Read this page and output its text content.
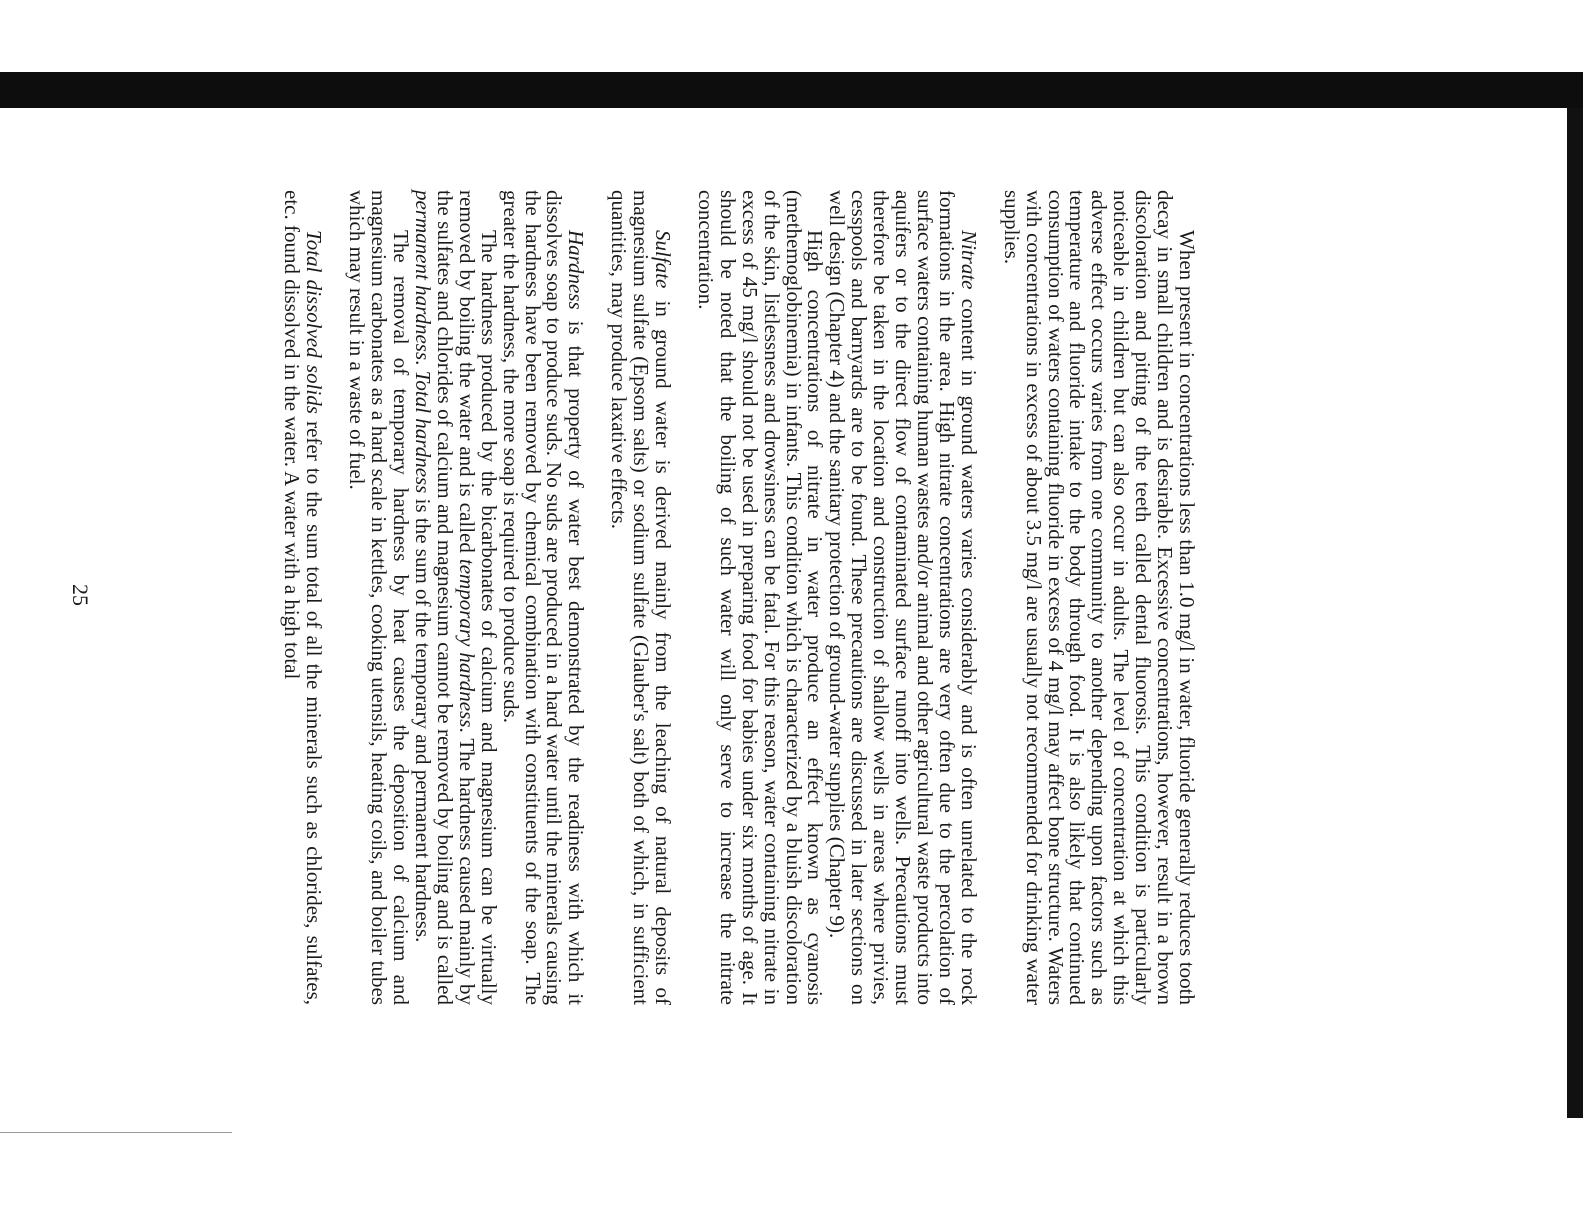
When present in concentrations less than 1.0 mg/l in water, fluoride generally reduces tooth decay in small children and is desirable. Excessive concentrations, however, result in a brown discoloration and pitting of the teeth called dental fluorosis. This condition is particularly noticeable in children but can also occur in adults. The level of concentration at which this adverse effect occurs varies from one community to another depending upon factors such as temperature and fluoride intake to the body through food. It is also likely that continued consumption of waters containing fluoride in excess of 4 mg/l may affect bone structure. Waters with concentrations in excess of about 3.5 mg/l are usually not recommended for drinking water supplies.

Nitrate content in ground waters varies considerably and is often unrelated to the rock formations in the area. High nitrate concentrations are very often due to the percolation of surface waters containing human wastes and/or animal and other agricultural waste products into aquifers or to the direct flow of contaminated surface runoff into wells. Precautions must therefore be taken in the location and construction of shallow wells in areas where privies, cesspools and barnyards are to be found. These precautions are discussed in later sections on well design (Chapter 4) and the sanitary protection of ground-water supplies (Chapter 9).

High concentrations of nitrate in water produce an effect known as cyanosis (methemoglobinemia) in infants. This condition which is characterized by a bluish discoloration of the skin, listlessness and drowsiness can be fatal. For this reason, water containing nitrate in excess of 45 mg/l should not be used in preparing food for babies under six months of age. It should be noted that the boiling of such water will only serve to increase the nitrate concentration.

Sulfate in ground water is derived mainly from the leaching of natural deposits of magnesium sulfate (Epsom salts) or sodium sulfate (Glauber's salt) both of which, in sufficient quantities, may produce laxative effects.

Hardness is that property of water best demonstrated by the readiness with which it dissolves soap to produce suds. No suds are produced in a hard water until the minerals causing the hardness have been removed by chemical combination with constituents of the soap. The greater the hardness, the more soap is required to produce suds.

The hardness produced by the bicarbonates of calcium and magnesium can be virtually removed by boiling the water and is called temporary hardness. The hardness caused mainly by the sulfates and chlorides of calcium and magnesium cannot be removed by boiling and is called permanent hardness. Total hardness is the sum of the temporary and permanent hardness.

The removal of temporary hardness by heat causes the deposition of calcium and magnesium carbonates as a hard scale in kettles, cooking utensils, heating coils, and boiler tubes which may result in a waste of fuel.

Total dissolved solids refer to the sum total of all the minerals such as chlorides, sulfates, etc. found dissolved in the water. A water with a high total

25
